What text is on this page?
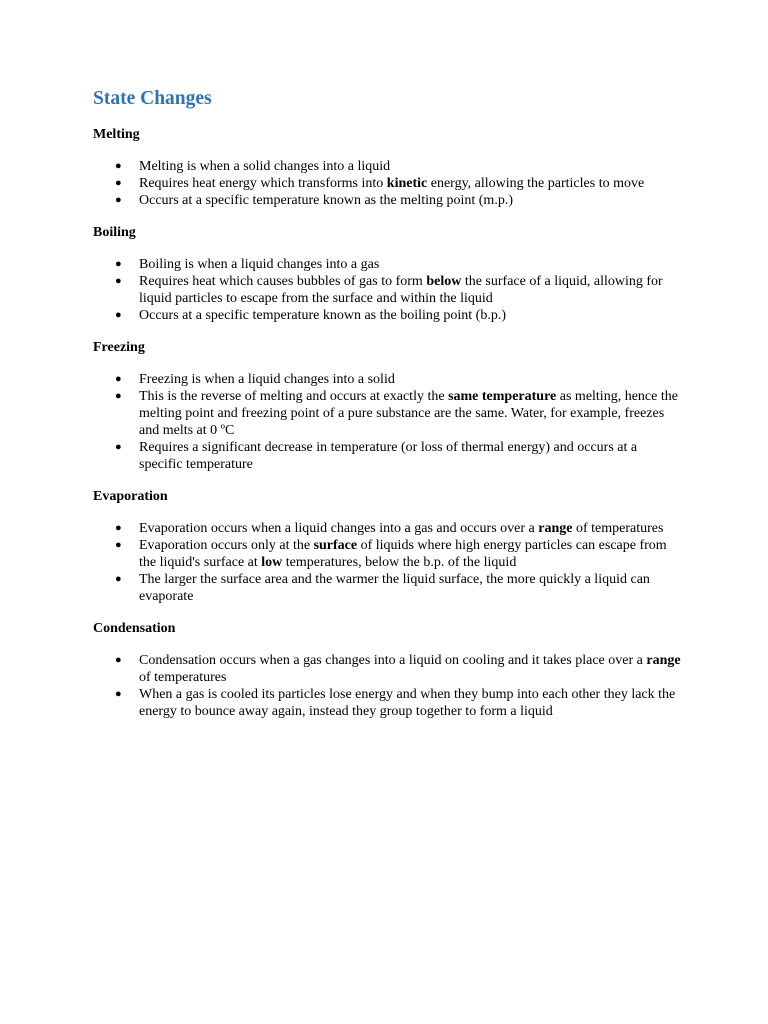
State Changes
Melting
● Melting is when a solid changes into a liquid
● Requires heat energy which transforms into kinetic energy, allowing the particles to move
● Occurs at a specific temperature known as the melting point (m.p.)
Boiling
● Boiling is when a liquid changes into a gas
● Requires heat which causes bubbles of gas to form below the surface of a liquid, allowing for liquid particles to escape from the surface and within the liquid
● Occurs at a specific temperature known as the boiling point (b.p.)
Freezing
● Freezing is when a liquid changes into a solid
● This is the reverse of melting and occurs at exactly the same temperature as melting, hence the melting point and freezing point of a pure substance are the same. Water, for example, freezes and melts at 0 ºC
● Requires a significant decrease in temperature (or loss of thermal energy) and occurs at a specific temperature
Evaporation
● Evaporation occurs when a liquid changes into a gas and occurs over a range of temperatures
● Evaporation occurs only at the surface of liquids where high energy particles can escape from the liquid's surface at low temperatures, below the b.p. of the liquid
● The larger the surface area and the warmer the liquid surface, the more quickly a liquid can evaporate
Condensation
● Condensation occurs when a gas changes into a liquid on cooling and it takes place over a range of temperatures
● When a gas is cooled its particles lose energy and when they bump into each other they lack the energy to bounce away again, instead they group together to form a liquid
